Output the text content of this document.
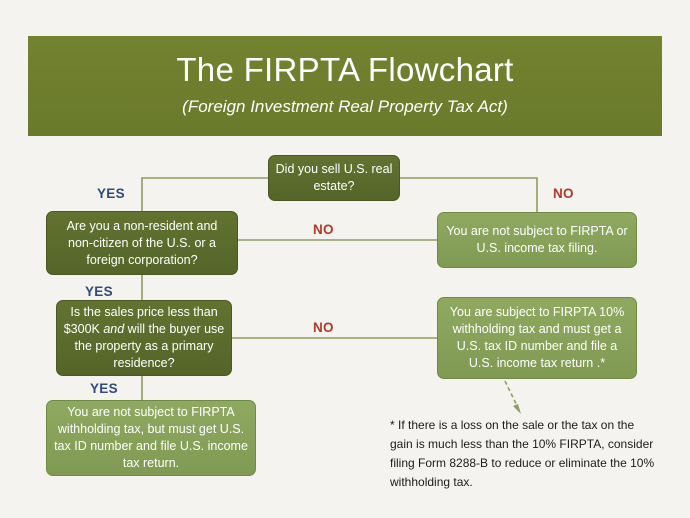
The FIRPTA Flowchart
(Foreign Investment Real Property Tax Act)
Did you sell U.S. real estate?
Are you a non-resident and non-citizen of the U.S. or a foreign corporation?
Is the sales price less than $300K and will the buyer use the property as a primary residence?
You are not subject to FIRPTA or U.S. income tax filing.
You are subject to FIRPTA 10% withholding tax and must get a U.S. tax ID number and file a U.S. income tax return .*
You are not subject to FIRPTA withholding tax, but must get U.S. tax ID number and file U.S. income tax return.
YES	NO
NO
YES
NO
YES
* If there is a loss on the sale or the tax on the gain is much less than the 10% FIRPTA, consider filing Form 8288-B to reduce or eliminate the 10% withholding tax.
